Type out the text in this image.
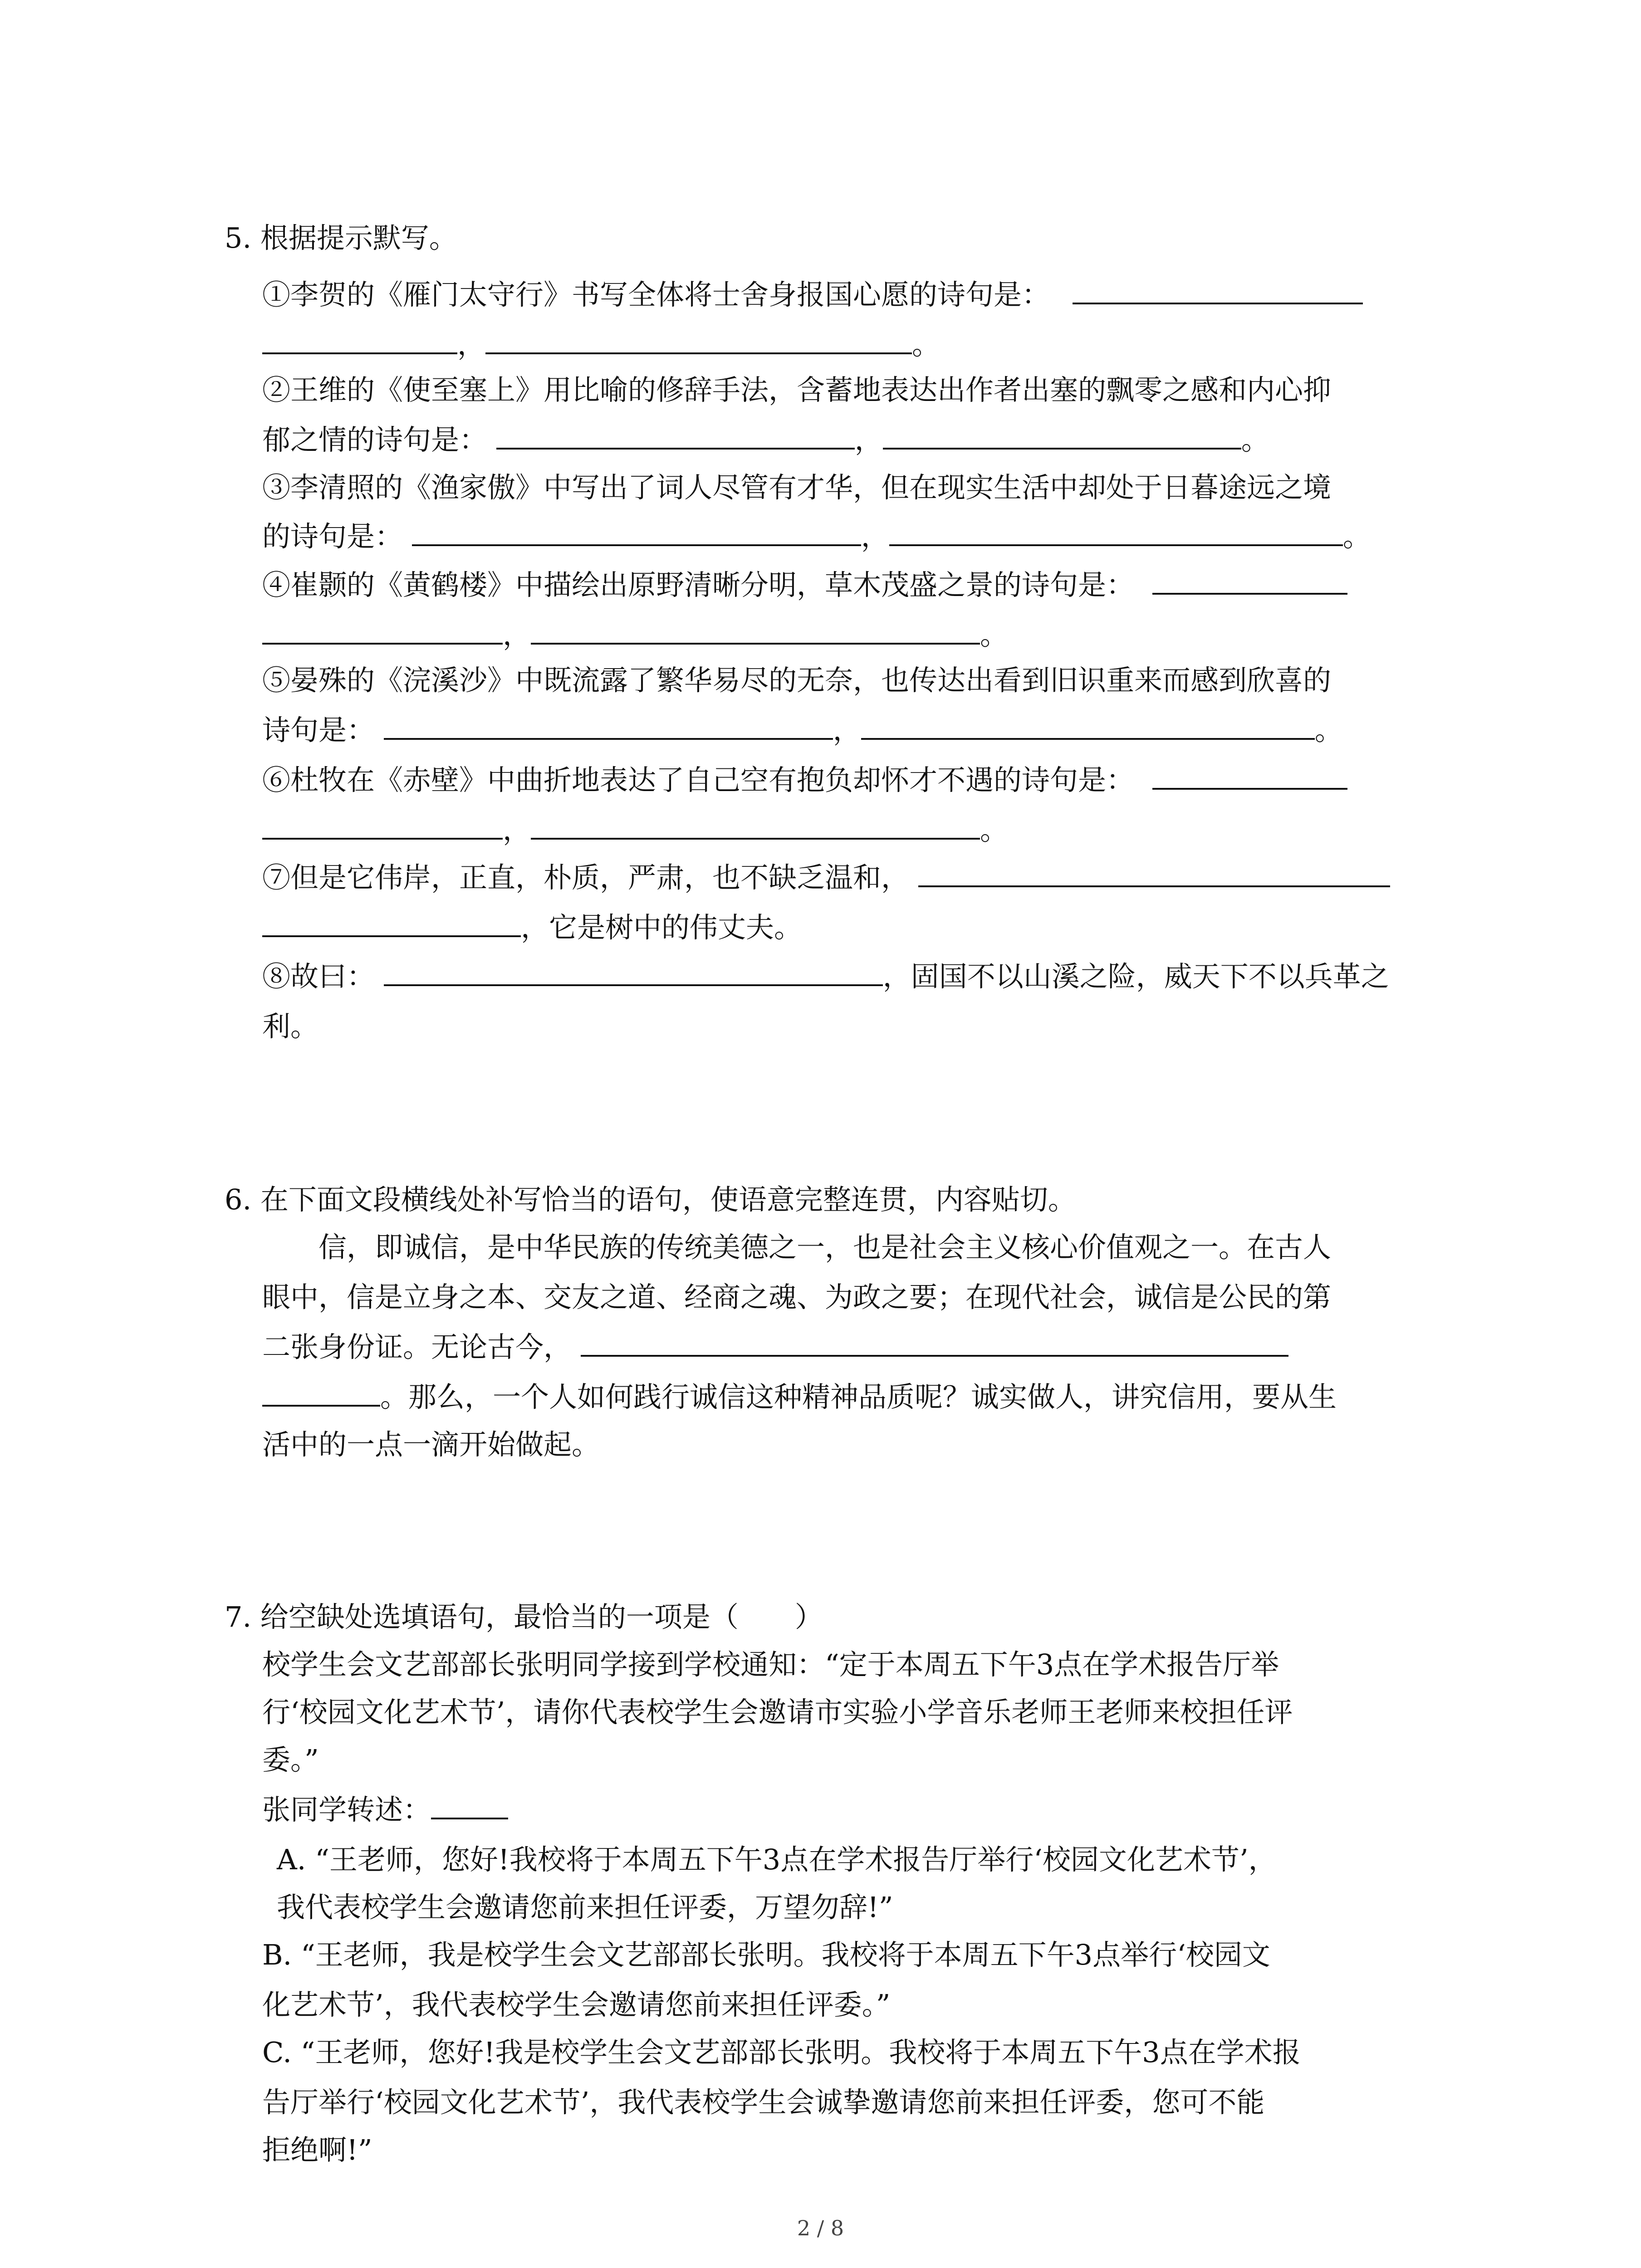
5. 根据提示默写。
①李贺的《雁门太守行》书写全体将士舍身报国心愿的诗句是：
，	。
②王维的《使至塞上》用比喻的修辞手法，含蓄地表达出作者出塞的飘零之感和内心抑
郁之情的诗句是：	，	。
③李清照的《渔家傲》中写出了词人尽管有才华，但在现实生活中却处于日暮途远之境
的诗句是：	，	。
④崔颢的《黄鹤楼》中描绘出原野清晰分明，草木茂盛之景的诗句是：
，	。
⑤晏殊的《浣溪沙》中既流露了繁华易尽的无奈，也传达出看到旧识重来而感到欣喜的
诗句是：	，	。
⑥杜牧在《赤壁》中曲折地表达了自己空有抱负却怀才不遇的诗句是：
，	。
⑦但是它伟岸，正直，朴质，严肃，也不缺乏温和，
，它是树中的伟丈夫。
⑧故曰：	，固国不以山溪之险，威天下不以兵革之
利。
6. 在下面文段横线处补写恰当的语句，使语意完整连贯，内容贴切。
　　信，即诚信，是中华民族的传统美德之一，也是社会主义核心价值观之一。在古人
眼中，信是立身之本、交友之道、经商之魂、为政之要；在现代社会，诚信是公民的第
二张身份证。无论古今，
。那么，一个人如何践行诚信这种精神品质呢？诚实做人，讲究信用，要从生
活中的一点一滴开始做起。
7. 给空缺处选填语句，最恰当的一项是（　　）
校学生会文艺部部长张明同学接到学校通知：“定于本周五下午3点在学术报告厅举
行‘校园文化艺术节’，请你代表校学生会邀请市实验小学音乐老师王老师来校担任评
委。”
张同学转述：
A. “王老师，您好!我校将于本周五下午3点在学术报告厅举行‘校园文化艺术节’，
我代表校学生会邀请您前来担任评委，万望勿辞!”
B. “王老师，我是校学生会文艺部部长张明。我校将于本周五下午3点举行‘校园文
化艺术节’，我代表校学生会邀请您前来担任评委。”
C. “王老师，您好!我是校学生会文艺部部长张明。我校将于本周五下午3点在学术报
告厅举行‘校园文化艺术节’，我代表校学生会诚挚邀请您前来担任评委，您可不能
拒绝啊!”
2 / 8
